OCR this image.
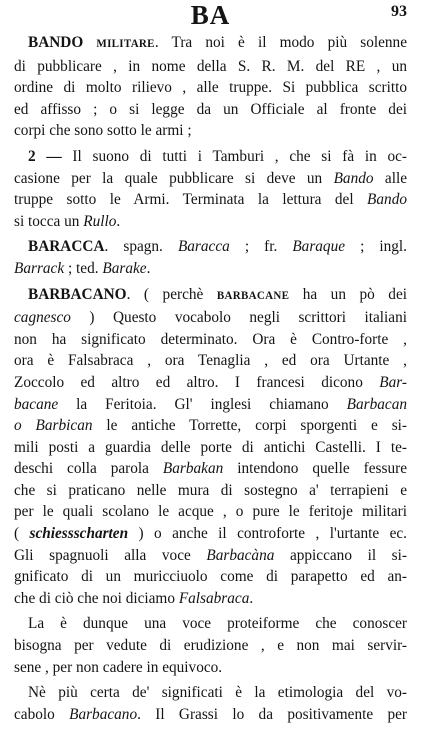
BA	93
BANDO MILITARE. Tra noi è il modo più solenne
di pubblicare , in nome della S. R. M. del RE , un
ordine di molto rilievo , alle truppe. Si pubblica scritto
ed affisso ; o si legge da un Officiale al fronte dei
corpi che sono sotto le armi ;
2 — Il suono di tutti i Tamburi , che si fà in oc-
casione per la quale pubblicare si deve un Bando alle
truppe sotto le Armi. Terminata la lettura del Bando
si tocca un Rullo.
BARACCA. spagn. Baracca ; fr. Baraque ; ingl.
Barrack ; ted. Barake.
BARBACANO. ( perchè BARBACANE ha un pò dei
cagnesco ) Questo vocabolo negli scrittori italiani
non ha significato determinato. Ora è Contro-forte ,
ora è Falsabraca , ora Tenaglia , ed ora Urtante ,
Zoccolo ed altro ed altro. I francesi dicono Bar-
bacane la Feritoia. Gl' inglesi chiamano Barbacan
o Barbican le antiche Torrette, corpi sporgenti e si-
mili posti a guardia delle porte di antichi Castelli. I te-
deschi colla parola Barbakan intendono quelle fessure
che si praticano nelle mura di sostegno a' terrapieni e
per le quali scolano le acque , o pure le feritoje militari
( schiessscharten ) o anche il controforte , l'urtante ec.
Gli spagnuoli alla voce Barbacàna appiccano il si-
gnificato di un muricciuolo come di parapetto ed an-
che di ciò che noi diciamo Falsabraca.
La è dunque una voce proteiforme che conoscer
bisogna per vedute di erudizione , e non mai servir-
sene , per non cadere in equivoco.
Nè più certa de' significati è la etimologia del vo-
cabolo Barbacano. Il Grassi lo da positivamente per
